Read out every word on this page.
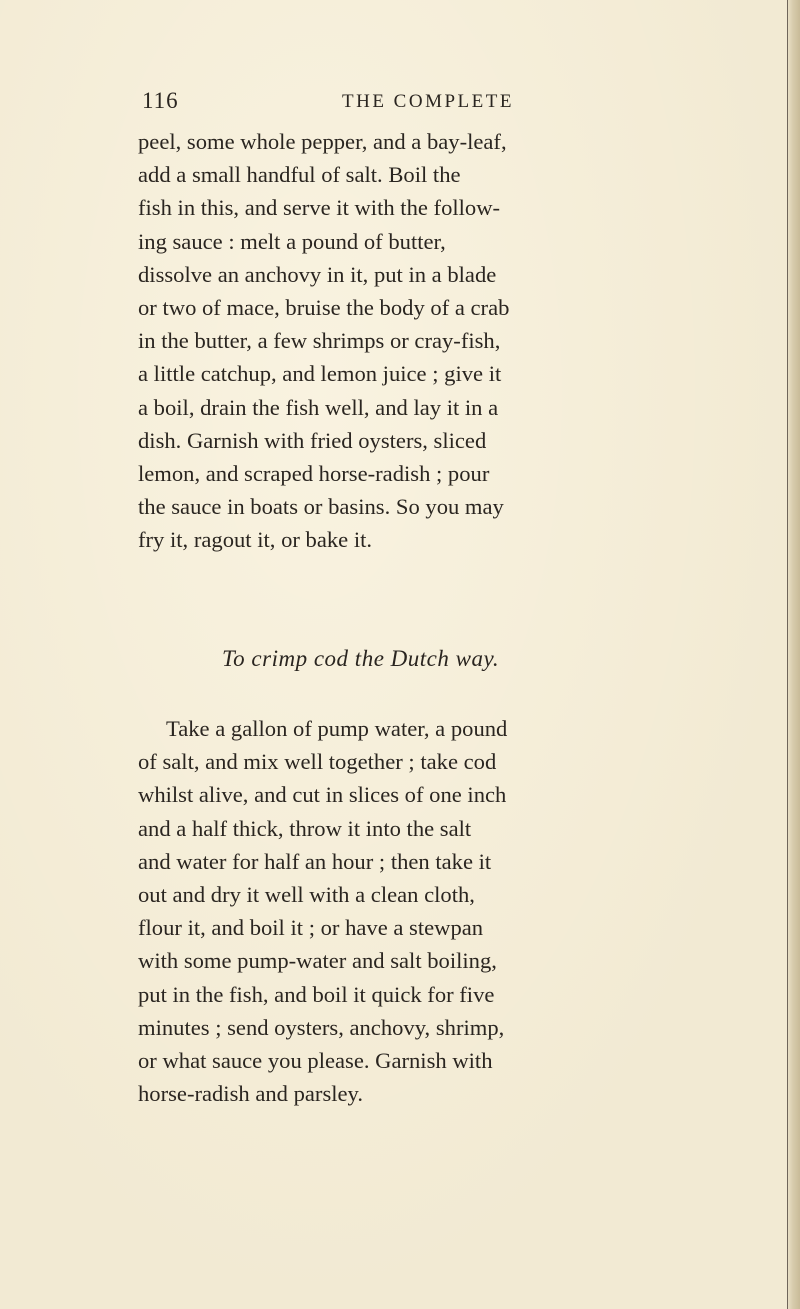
116	THE COMPLETE
peel, some whole pepper, and a bay-leaf,
add a small handful of salt. Boil the
fish in this, and serve it with the follow-
ing sauce : melt a pound of butter,
dissolve an anchovy in it, put in a blade
or two of mace, bruise the body of a crab
in the butter, a few shrimps or cray-fish,
a little catchup, and lemon juice ; give it
a boil, drain the fish well, and lay it in a
dish. Garnish with fried oysters, sliced
lemon, and scraped horse-radish ; pour
the sauce in boats or basins. So you may
fry it, ragout it, or bake it.
To crimp cod the Dutch way.
Take a gallon of pump water, a pound
of salt, and mix well together ; take cod
whilst alive, and cut in slices of one inch
and a half thick, throw it into the salt
and water for half an hour ; then take it
out and dry it well with a clean cloth,
flour it, and boil it ; or have a stewpan
with some pump-water and salt boiling,
put in the fish, and boil it quick for five
minutes ; send oysters, anchovy, shrimp,
or what sauce you please. Garnish with
horse-radish and parsley.
